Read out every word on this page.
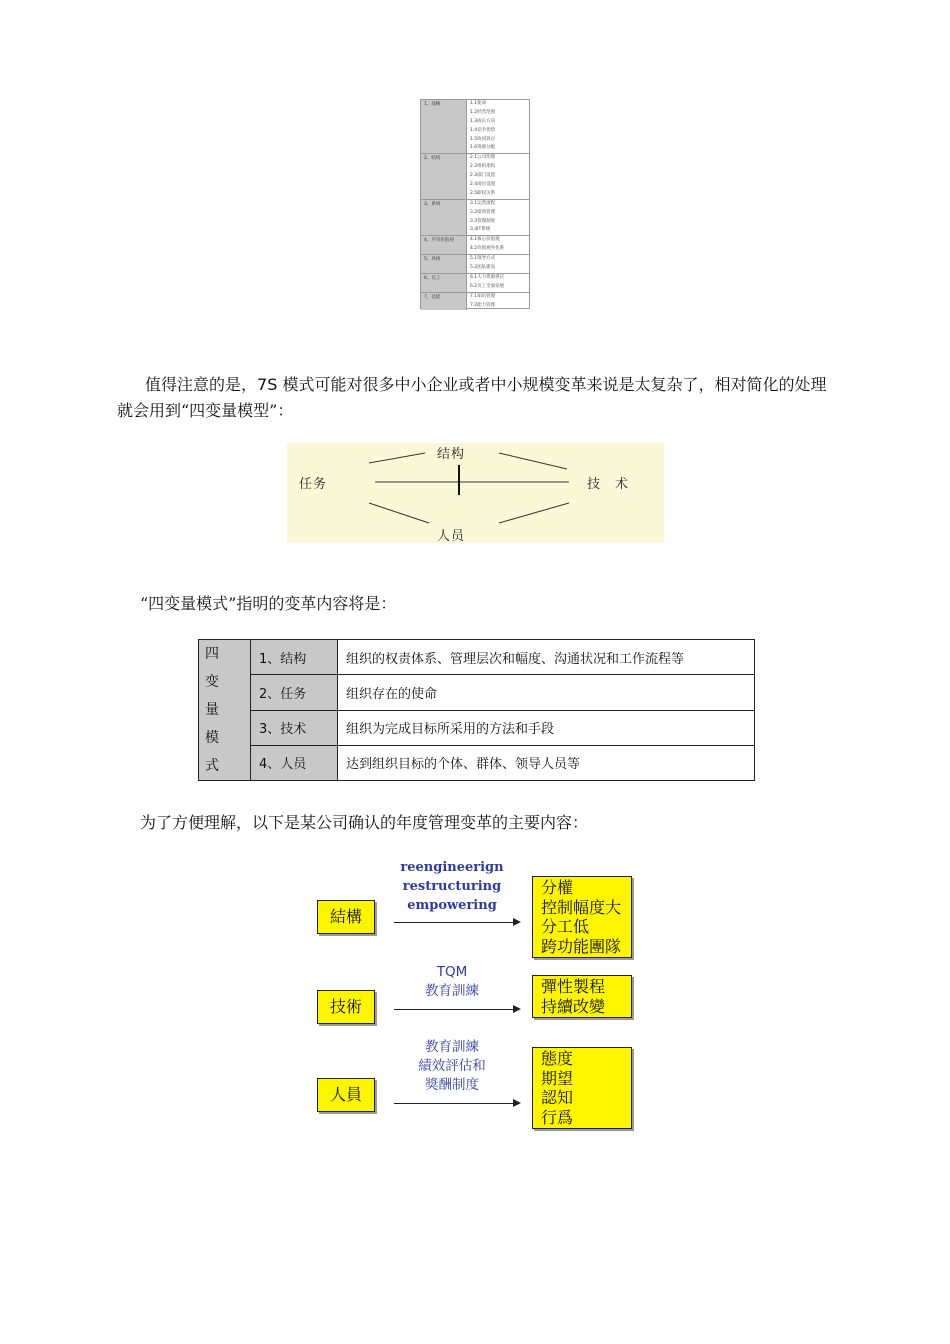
1、战略	1.1使命
1.2经营范围
1.3成长方向
1.4竞争优势
1.5协同效应
1.6资源分配
2、结构	2.1公司治理
2.2组织架构
2.3部门设置
2.4岗位设置
2.5职权关系
3、系统	3.1运营流程
3.2绩效管理
3.3管理制度
3.4IT系统
4、共享价值观	4.1核心价值观
4.2价值观外化系
5、风格	5.1领导方式
5.2团队建设
6、员工	6.1人力资源供应
6.2员工全面发展
7、技能	7.1知识管理
7.2能力管理
值得注意的是，7S 模式可能对很多中小企业或者中小规模变革来说是太复杂了，相对简化的处理就会用到“四变量模型”：
结构
任务	技　术
人员
“四变量模式”指明的变革内容将是：
四变量模式	1、结构	组织的权责体系、管理层次和幅度、沟通状况和工作流程等
	2、任务	组织存在的使命
	3、技术	组织为完成目标所采用的方法和手段
	4、人员	达到组织目标的个体、群体、领导人员等
为了方便理解，以下是某公司确认的年度管理变革的主要内容：
結構
reengineerign
restructuring
empowering
分權
控制幅度大
分工低
跨功能團隊
技術
TQM
教育訓練	彈性製程
持續改變
人員
教育訓練
績效評估和
獎酬制度
態度
期望
認知
行爲
